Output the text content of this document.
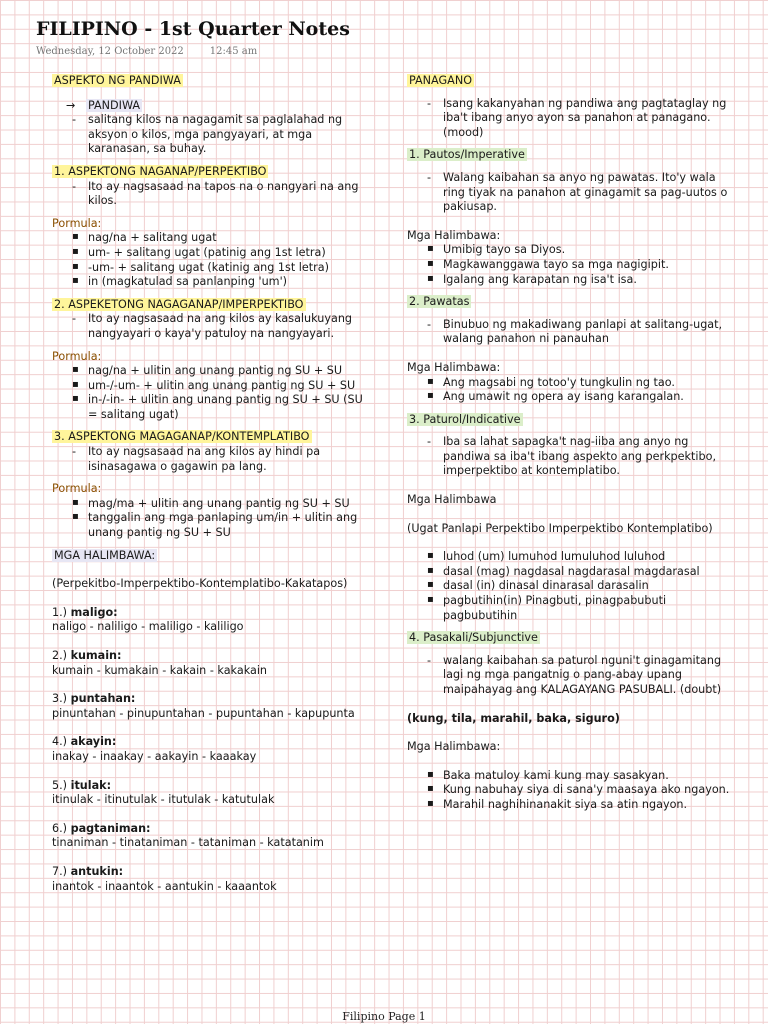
FILIPINO - 1st Quarter Notes
Wednesday, 12 October 2022	12:45 am
ASPEKTO NG PANDIWA
→ PANDIWA
- salitang kilos na nagagamit sa paglalahad ng aksyon o kilos, mga pangyayari, at mga karanasan, sa buhay.
1. ASPEKTONG NAGANAP/PERPEKTIBO
- Ito ay nagsasaad na tapos na o nangyari na ang kilos.
Pormula:
▪ nag/na + salitang ugat
▪ um- + salitang ugat (patinig ang 1st letra)
▪ -um- + salitang ugat (katinig ang 1st letra)
▪ in (magkatulad sa panlanping 'um')
2. ASPEKETONG NAGAGANAP/IMPERPEKTIBO
- Ito ay nagsasaad na ang kilos ay kasalukuyang nangyayari o kaya'y patuloy na nangyayari.
Pormula:
▪ nag/na + ulitin ang unang pantig ng SU + SU
▪ um-/-um- + ulitin ang unang pantig ng SU + SU
▪ in-/-in- + ulitin ang unang pantig ng SU + SU (SU = salitang ugat)
3. ASPEKTONG MAGAGANAP/KONTEMPLATIBO
- Ito ay nagsasaad na ang kilos ay hindi pa isinasagawa o gagawin pa lang.
Pormula:
▪ mag/ma + ulitin ang unang pantig ng SU + SU
▪ tanggalin ang mga panlaping um/in + ulitin ang unang pantig ng SU + SU
MGA HALIMBAWA:
(Perpekitbo-Imperpektibo-Kontemplatibo-Kakatapos)
1.) maligo:
naligo - naliligo - maliligo - kaliligo
2.) kumain:
kumain - kumakain - kakain - kakakain
3.) puntahan:
pinuntahan - pinupuntahan - pupuntahan - kapupunta
4.) akayin:
inakay - inaakay - aakayin - kaaakay
5.) itulak:
itinulak - itinutulak - itutulak - katutulak
6.) pagtaniman:
tinaniman - tinataniman - tataniman - katatanim
7.) antukin:
inantok - inaantok - aantukin - kaaantok
PANAGANO
- Isang kakanyahan ng pandiwa ang pagtataglay ng iba't ibang anyo ayon sa panahon at panagano. (mood)
1. Pautos/Imperative
- Walang kaibahan sa anyo ng pawatas. Ito'y wala ring tiyak na panahon at ginagamit sa pag-uutos o pakiusap.
Mga Halimbawa:
▪ Umibig tayo sa Diyos.
▪ Magkawanggawa tayo sa mga nagigipit.
▪ Igalang ang karapatan ng isa't isa.
2. Pawatas
- Binubuo ng makadiwang panlapi at salitang-ugat, walang panahon ni panauhan
Mga Halimbawa:
▪ Ang magsabi ng totoo'y tungkulin ng tao.
▪ Ang umawit ng opera ay isang karangalan.
3. Paturol/Indicative
- Iba sa lahat sapagka't nag-iiba ang anyo ng pandiwa sa iba't ibang aspekto ang perkpektibo, imperpektibo at kontemplatibo.
Mga Halimbawa
(Ugat Panlapi Perpektibo Imperpektibo Kontemplatibo)
▪ luhod (um) lumuhod lumuluhod luluhod
▪ dasal (mag) nagdasal nagdarasal magdarasal
▪ dasal (in) dinasal dinarasal darasalin
▪ pagbutihin(in) Pinagbuti, pinagpabubuti pagbubutihin
4. Pasakali/Subjunctive
- walang kaibahan sa paturol nguni't ginagamitang lagi ng mga pangatnig o pang-abay upang maipahayag ang KALAGAYANG PASUBALI. (doubt)
(kung, tila, marahil, baka, siguro)
Mga Halimbawa:
▪ Baka matuloy kami kung may sasakyan.
▪ Kung nabuhay siya di sana'y maasaya ako ngayon.
▪ Marahil naghihinanakit siya sa atin ngayon.
Filipino Page 1
